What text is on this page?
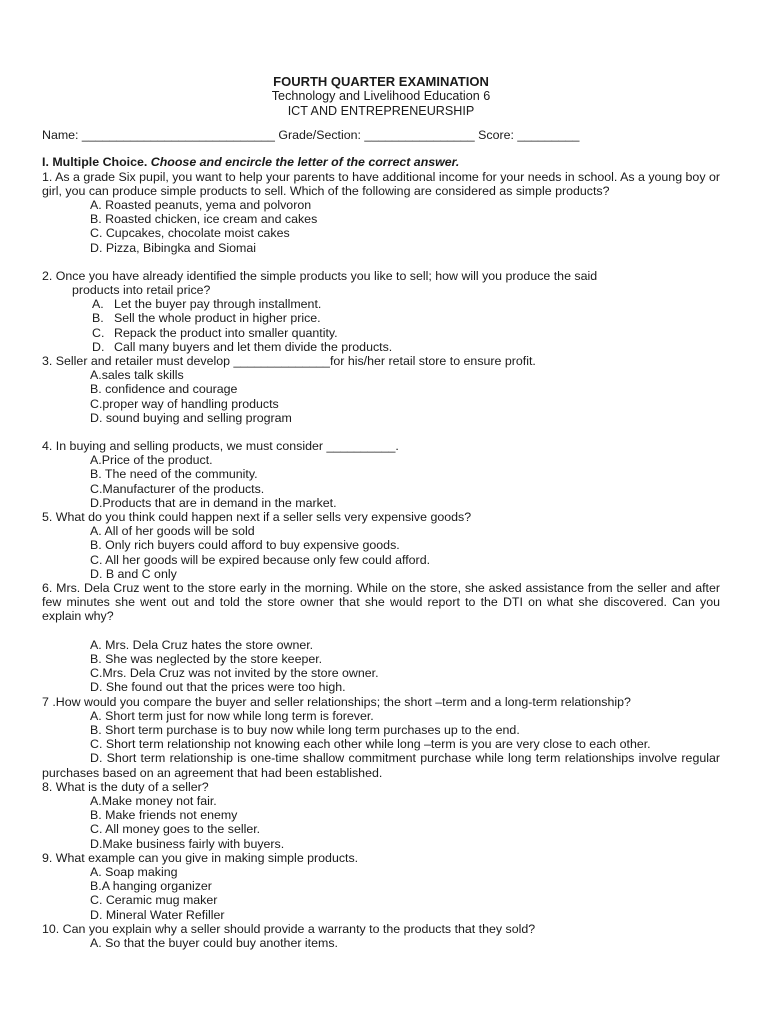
FOURTH QUARTER EXAMINATION
Technology and Livelihood Education 6
ICT AND ENTREPRENEURSHIP
Name: ____________________________ Grade/Section: ________________ Score: _________
I. Multiple Choice. Choose and encircle the letter of the correct answer.

1. As a grade Six pupil, you want to help your parents to have additional income for your needs in school. As a young boy or girl, you can produce simple products to sell. Which of the following are considered as simple products?

A. Roasted peanuts, yema and polvoron
B. Roasted chicken, ice cream and cakes
C. Cupcakes, chocolate moist cakes
D. Pizza, Bibingka and Siomai

2. Once you have already identified the simple products you like to sell; how will you produce the said
products into retail price?

A. Let the buyer pay through installment.
B. Sell the whole product in higher price.
C. Repack the product into smaller quantity.
D. Call many buyers and let them divide the products.

3. Seller and retailer must develop ______________for his/her retail store to ensure profit.

A.sales talk skills
B. confidence and courage
C.proper way of handling products
D. sound buying and selling program

4. In buying and selling products, we must consider __________.

A.Price of the product.
B. The need of the community.
C.Manufacturer of the products.
D.Products that are in demand in the market.

5. What do you think could happen next if a seller sells very expensive goods?

A. All of her goods will be sold
B. Only rich buyers could afford to buy expensive goods.
C. All her goods will be expired because only few could afford.
D. B and C only

6. Mrs. Dela Cruz went to the store early in the morning. While on the store, she asked assistance from the seller and after few minutes she went out and told the store owner that she would report to the DTI on what she discovered. Can you explain why?

A. Mrs. Dela Cruz hates the store owner.
B. She was neglected by the store keeper.
C.Mrs. Dela Cruz was not invited by the store owner.
D. She found out that the prices were too high.

7 .How would you compare the buyer and seller relationships; the short –term and a long-term relationship?

A. Short term just for now while long term is forever.

B. Short term purchase is to buy now while long term purchases up to the end.

C. Short term relationship not knowing each other while long –term is you are very close to each other.

D. Short term relationship is one-time shallow commitment purchase while long term relationships involve regular purchases based on an agreement that had been established.

8. What is the duty of a seller?

A.Make money not fair.
B. Make friends not enemy
C. All money goes to the seller.
D.Make business fairly with buyers.

9. What example can you give in making simple products.

A. Soap making
B.A hanging organizer
C. Ceramic mug maker
D. Mineral Water Refiller

10. Can you explain why a seller should provide a warranty to the products that they sold?

A. So that the buyer could buy another items.
